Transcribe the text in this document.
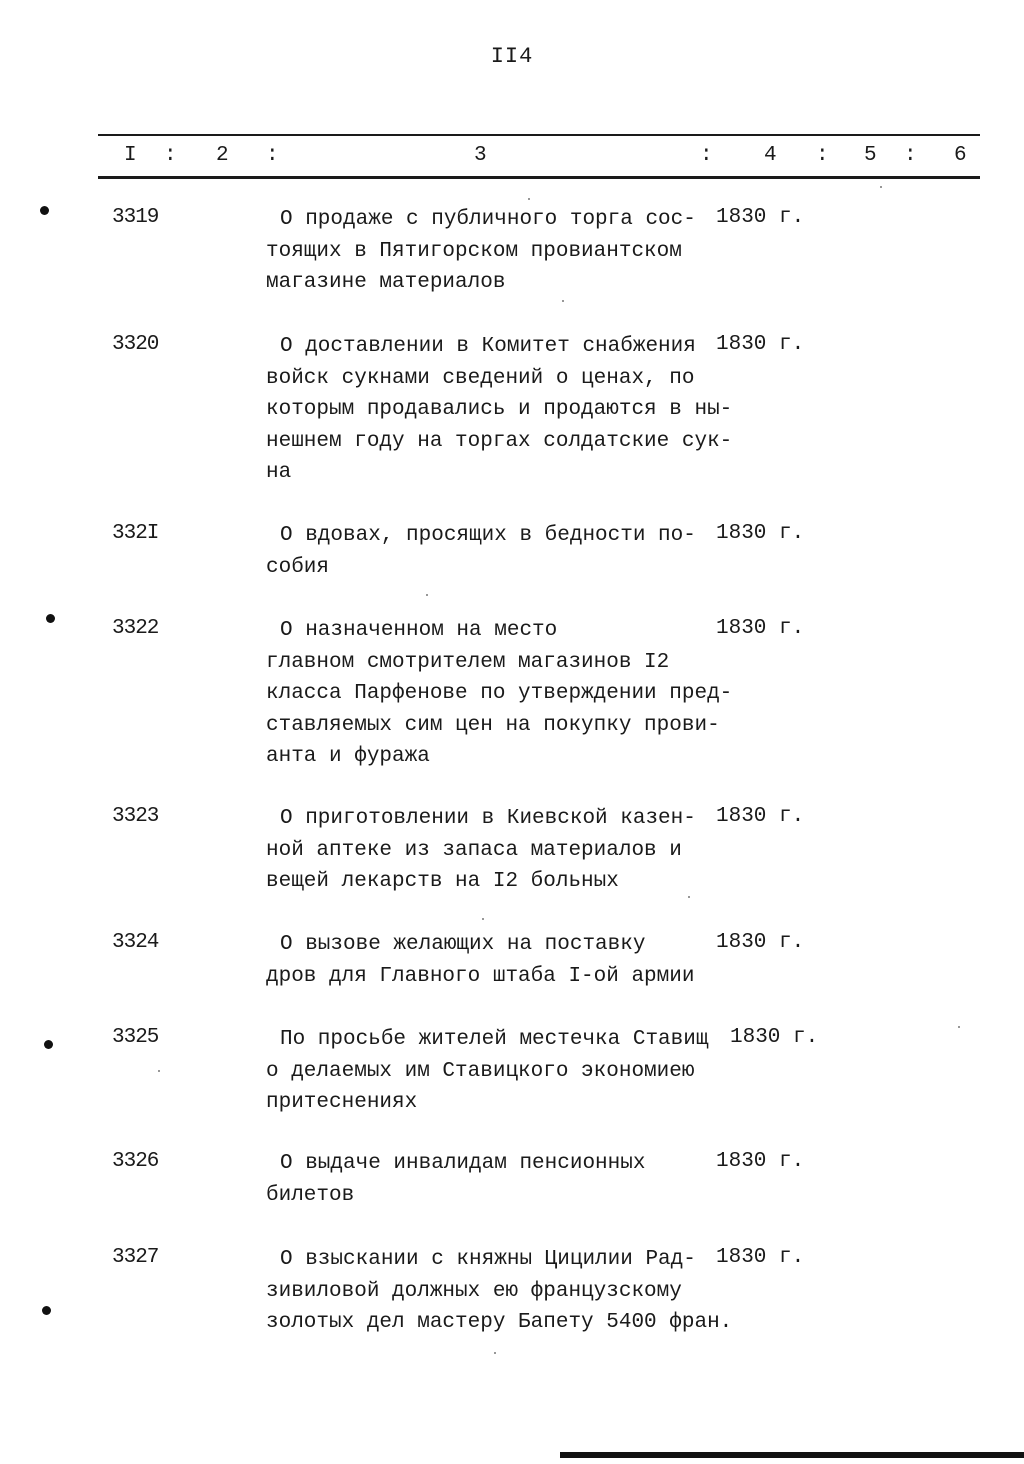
II4
I : 2 :	3	: 4 : 5 : 6
3319	О продаже с публичного торга сос-
тоящих в Пятигорском провиантском
магазине материалов
1830 г.
3320	О доставлении в Комитет снабжения
войск сукнами сведений о ценах, по
которым продавались и продаются в ны-
нешнем году на торгах солдатские сук-
на
1830 г.
332I	О вдовах, просящих в бедности по-
собия
1830 г.
3322	О назначенном на место
главном смотрителем магазинов I2
класса Парфенове по утверждении пред-
ставляемых сим цен на покупку прови-
анта и фуража
1830 г.
3323	О приготовлении в Киевской казен-
ной аптеке из запаса материалов и
вещей лекарств на I2 больных
1830 г.
3324	О вызове желающих на поставку
дров для Главного штаба I-ой армии
1830 г.
3325	По просьбе жителей местечка Ставищ
о делаемых им Ставицкого экономиею
притеснениях
1830 г.
3326	О выдаче инвалидам пенсионных
билетов
1830 г.
3327	О взыскании с княжны Цицилии Рад-
зивиловой должных ею французскому
золотых дел мастеру Бапету 5400 фран.
1830 г.
